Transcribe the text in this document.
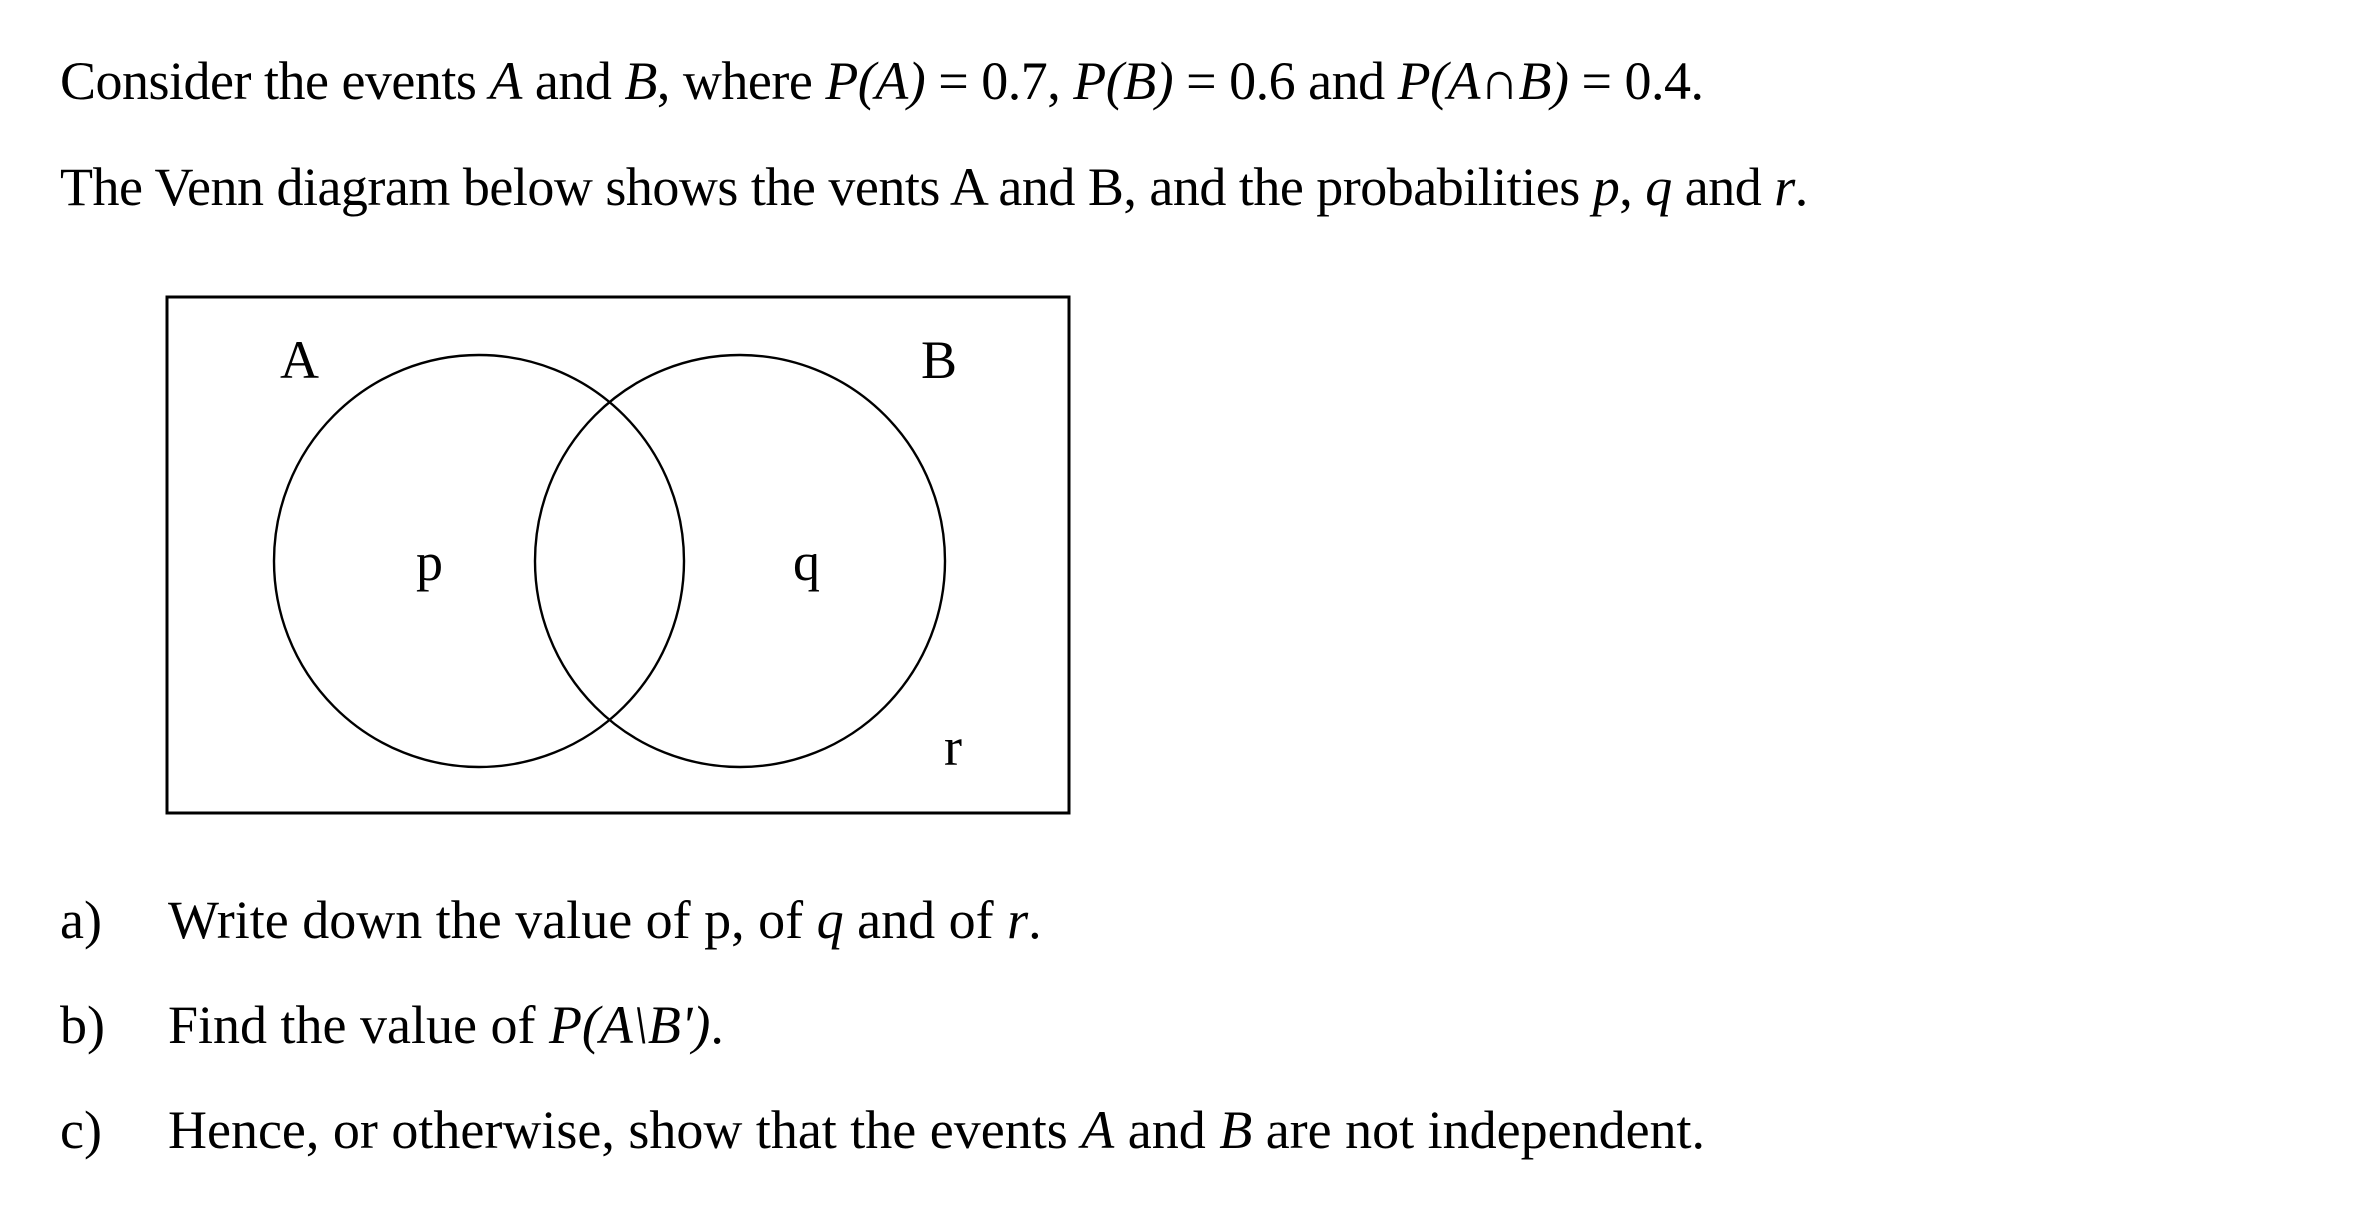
Consider the events A and B, where P(A) = 0.7, P(B) = 0.6 and P(A∩B) = 0.4.
The Venn diagram below shows the vents A and B, and the probabilities p, q and r.
A	B
p	q
r
a) Write down the value of p, of q and of r.
b) Find the value of P(A\B').
c) Hence, or otherwise, show that the events A and B are not independent.
